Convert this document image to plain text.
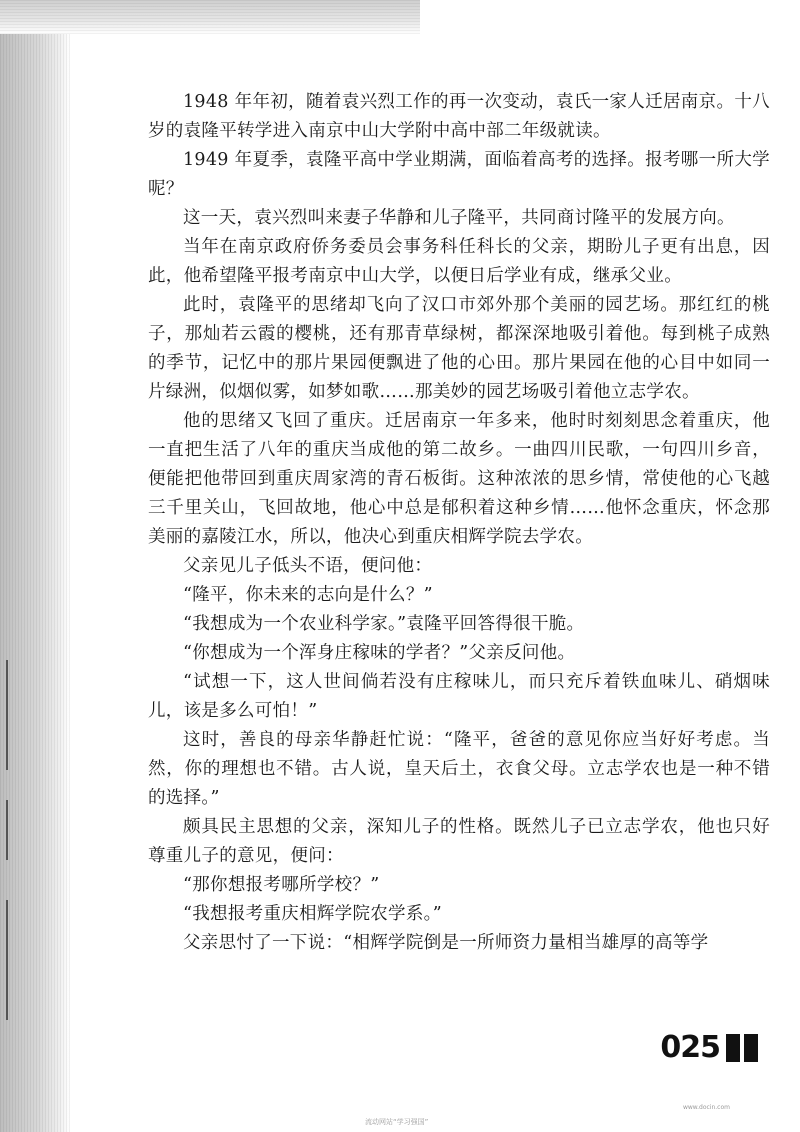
1948 年年初，随着袁兴烈工作的再一次变动，袁氏一家人迁居南京。十八岁的袁隆平转学进入南京中山大学附中高中部二年级就读。

1949 年夏季，袁隆平高中学业期满，面临着高考的选择。报考哪一所大学呢？

这一天，袁兴烈叫来妻子华静和儿子隆平，共同商讨隆平的发展方向。

当年在南京政府侨务委员会事务科任科长的父亲，期盼儿子更有出息，因此，他希望隆平报考南京中山大学，以便日后学业有成，继承父业。

此时，袁隆平的思绪却飞向了汉口市郊外那个美丽的园艺场。那红红的桃子，那灿若云霞的樱桃，还有那青草绿树，都深深地吸引着他。每到桃子成熟的季节，记忆中的那片果园便飘进了他的心田。那片果园在他的心目中如同一片绿洲，似烟似雾，如梦如歌……那美妙的园艺场吸引着他立志学农。

他的思绪又飞回了重庆。迁居南京一年多来，他时时刻刻思念着重庆，他一直把生活了八年的重庆当成他的第二故乡。一曲四川民歌，一句四川乡音，便能把他带回到重庆周家湾的青石板街。这种浓浓的思乡情，常使他的心飞越三千里关山，飞回故地，他心中总是郁积着这种乡情……他怀念重庆，怀念那美丽的嘉陵江水，所以，他决心到重庆相辉学院去学农。

父亲见儿子低头不语，便问他：

“隆平，你未来的志向是什么？”

“我想成为一个农业科学家。”袁隆平回答得很干脆。

“你想成为一个浑身庄稼味的学者？”父亲反问他。

“试想一下，这人世间倘若没有庄稼味儿，而只充斥着铁血味儿、硝烟味儿，该是多么可怕！”

这时，善良的母亲华静赶忙说：“隆平，爸爸的意见你应当好好考虑。当然，你的理想也不错。古人说，皇天后土，衣食父母。立志学农也是一种不错的选择。”

颇具民主思想的父亲，深知儿子的性格。既然儿子已立志学农，他也只好尊重儿子的意见，便问：

“那你想报考哪所学校？”

“我想报考重庆相辉学院农学系。”

父亲思忖了一下说：“相辉学院倒是一所师资力量相当雄厚的高等学

025
www.docin.com
流动网站“学习强国”
